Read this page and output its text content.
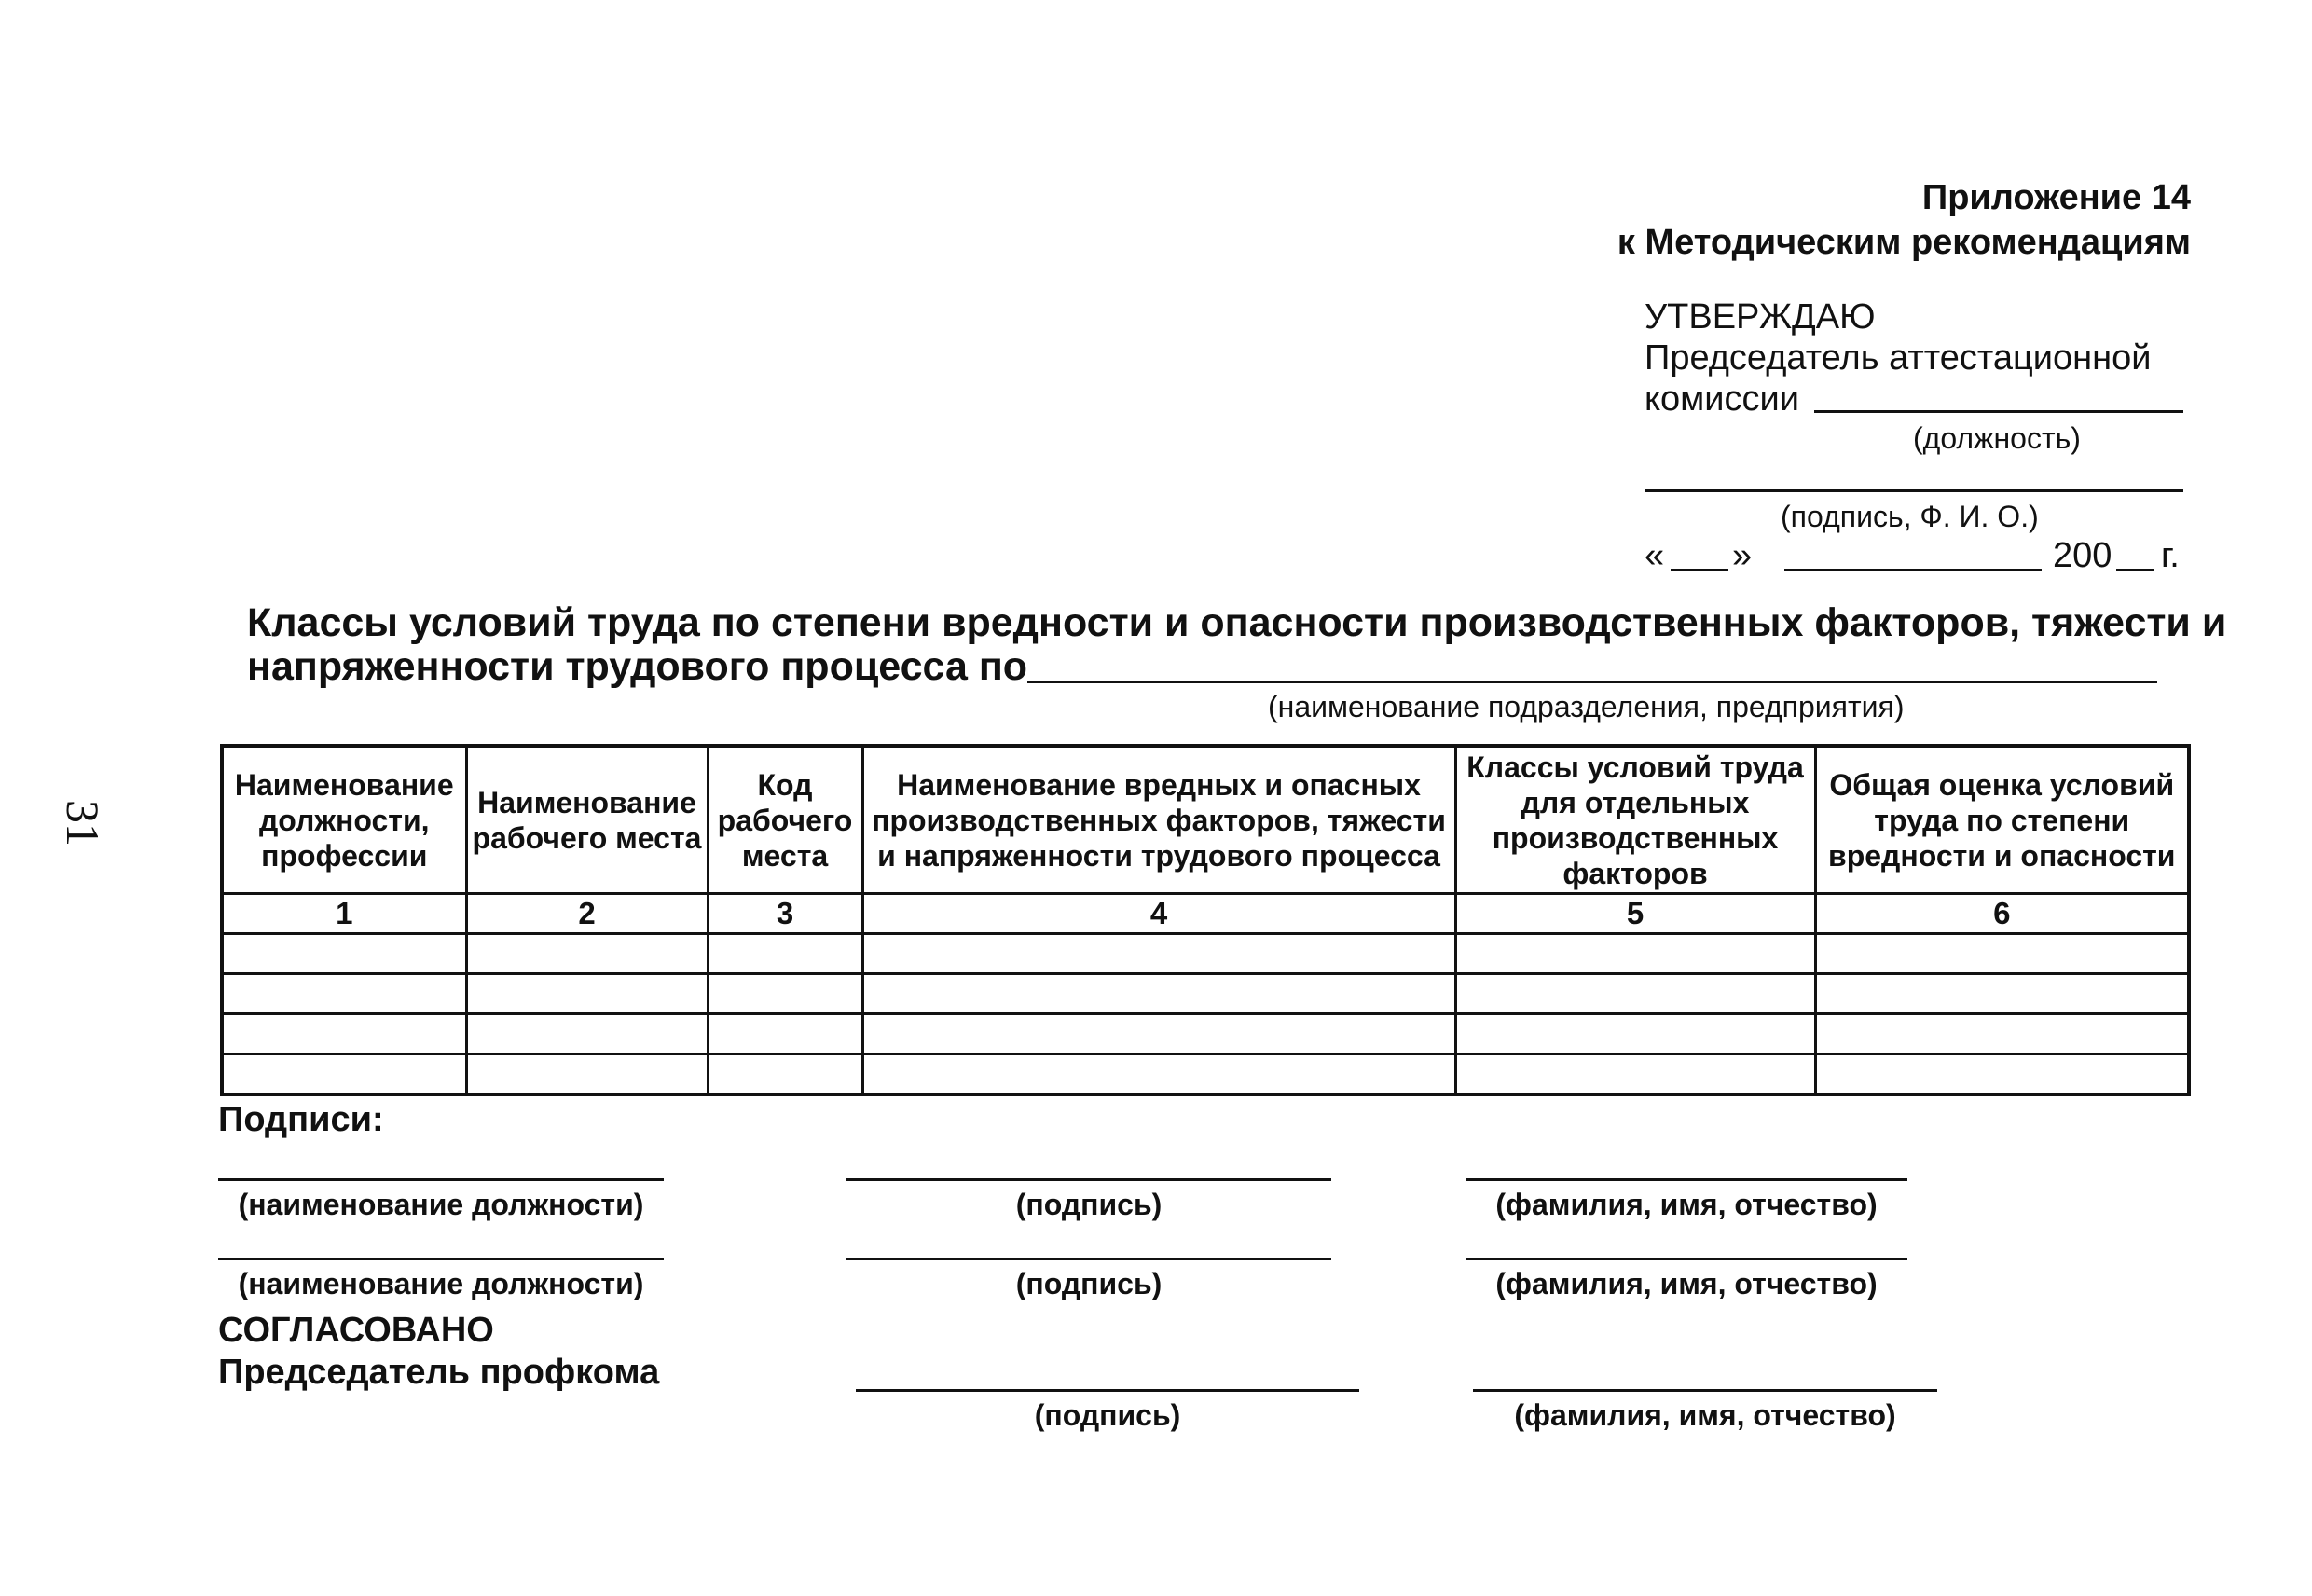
31
Приложение 14
к Методическим рекомендациям
УТВЕРЖДАЮ
Председатель аттестационной
комиссии
(должность)
(подпись, Ф. И. О.)
« »	200 г.
Классы условий труда по степени вредности и опасности производственных факторов, тяжести и
напряженности трудового процесса по
(наименование подразделения, предприятия)
Наименование должности, профессии	Наименование рабочего места	Код рабочего места	Наименование вредных и опасных производственных факторов, тяжести и напряженности трудового процесса	Классы условий труда для отдельных производственных факторов	Общая оценка условий труда по степени вредности и опасности
1	2	3	4	5	6

Подписи:
(наименование должности)	(подпись)	(фамилия, имя, отчество)
(наименование должности)	(подпись)	(фамилия, имя, отчество)
СОГЛАСОВАНО
Председатель профкома
(подпись)	(фамилия, имя, отчество)
